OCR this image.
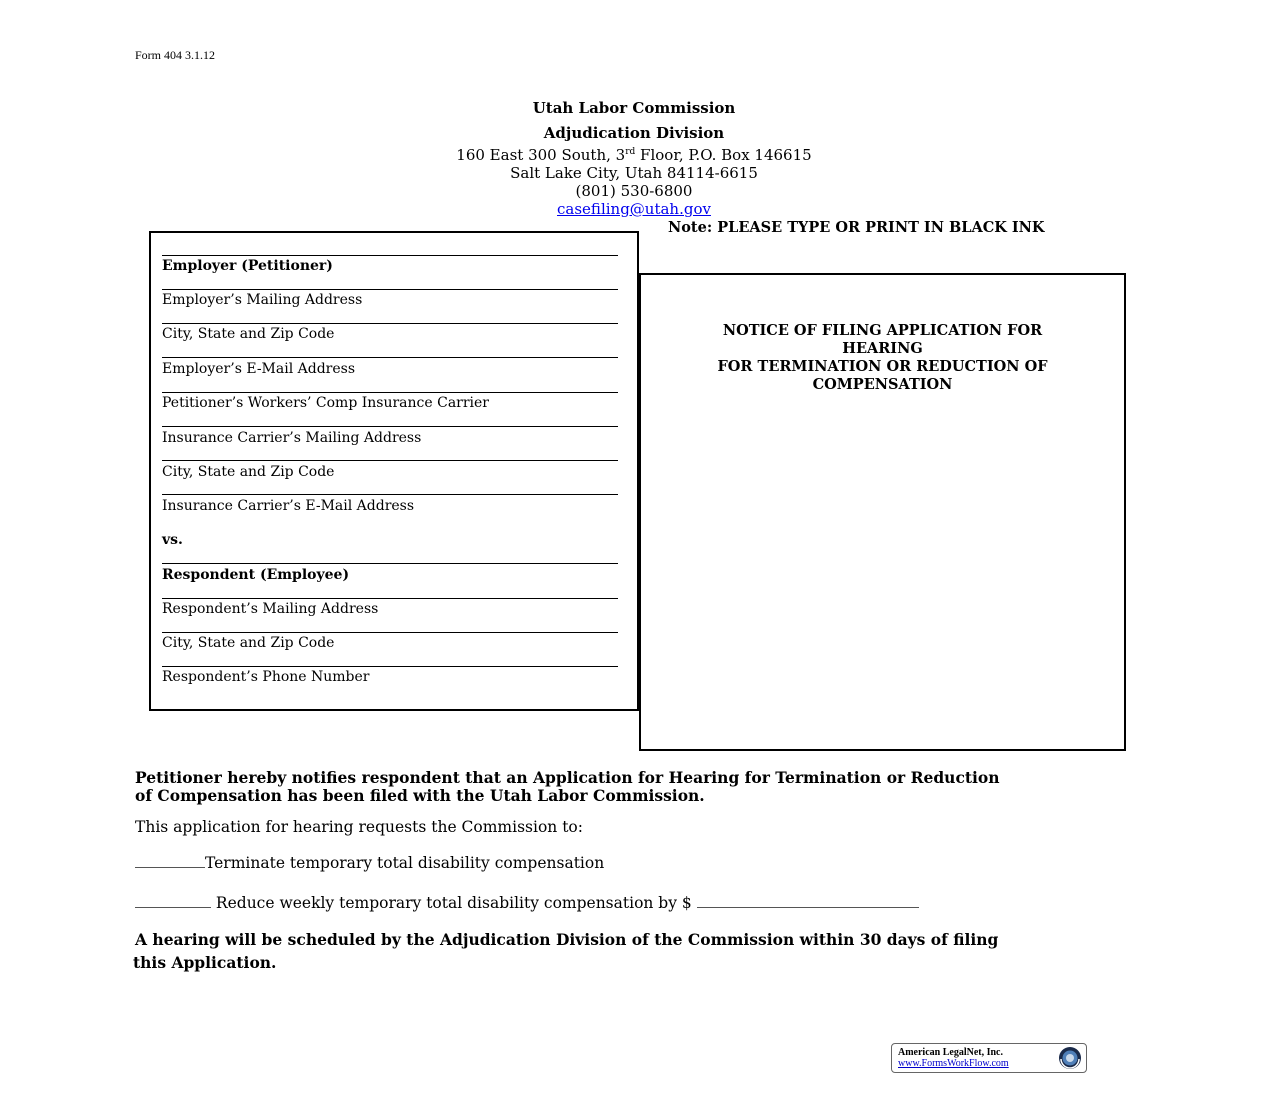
Form 404 3.1.12
Utah Labor Commission
Adjudication Division
160 East 300 South, 3rd Floor, P.O. Box 146615
Salt Lake City, Utah 84114-6615
(801) 530-6800
casefiling@utah.gov
Note: PLEASE TYPE OR PRINT IN BLACK INK
Employer (Petitioner)
Employer’s Mailing Address
City, State and Zip Code
Employer’s E-Mail Address
Petitioner’s Workers’ Comp Insurance Carrier
Insurance Carrier’s Mailing Address
City, State and Zip Code
Insurance Carrier’s E-Mail Address
vs.
Respondent (Employee)
Respondent’s Mailing Address
City, State and Zip Code
Respondent’s Phone Number
NOTICE OF FILING APPLICATION FOR
HEARING
FOR TERMINATION OR REDUCTION OF
COMPENSATION
Petitioner hereby notifies respondent that an Application for Hearing for Termination or Reduction
of Compensation has been filed with the Utah Labor Commission.
This application for hearing requests the Commission to:
Terminate temporary total disability compensation
Reduce weekly temporary total disability compensation by $
A hearing will be scheduled by the Adjudication Division of the Commission within 30 days of filing
this Application.
American LegalNet, Inc.
www.FormsWorkFlow.com
